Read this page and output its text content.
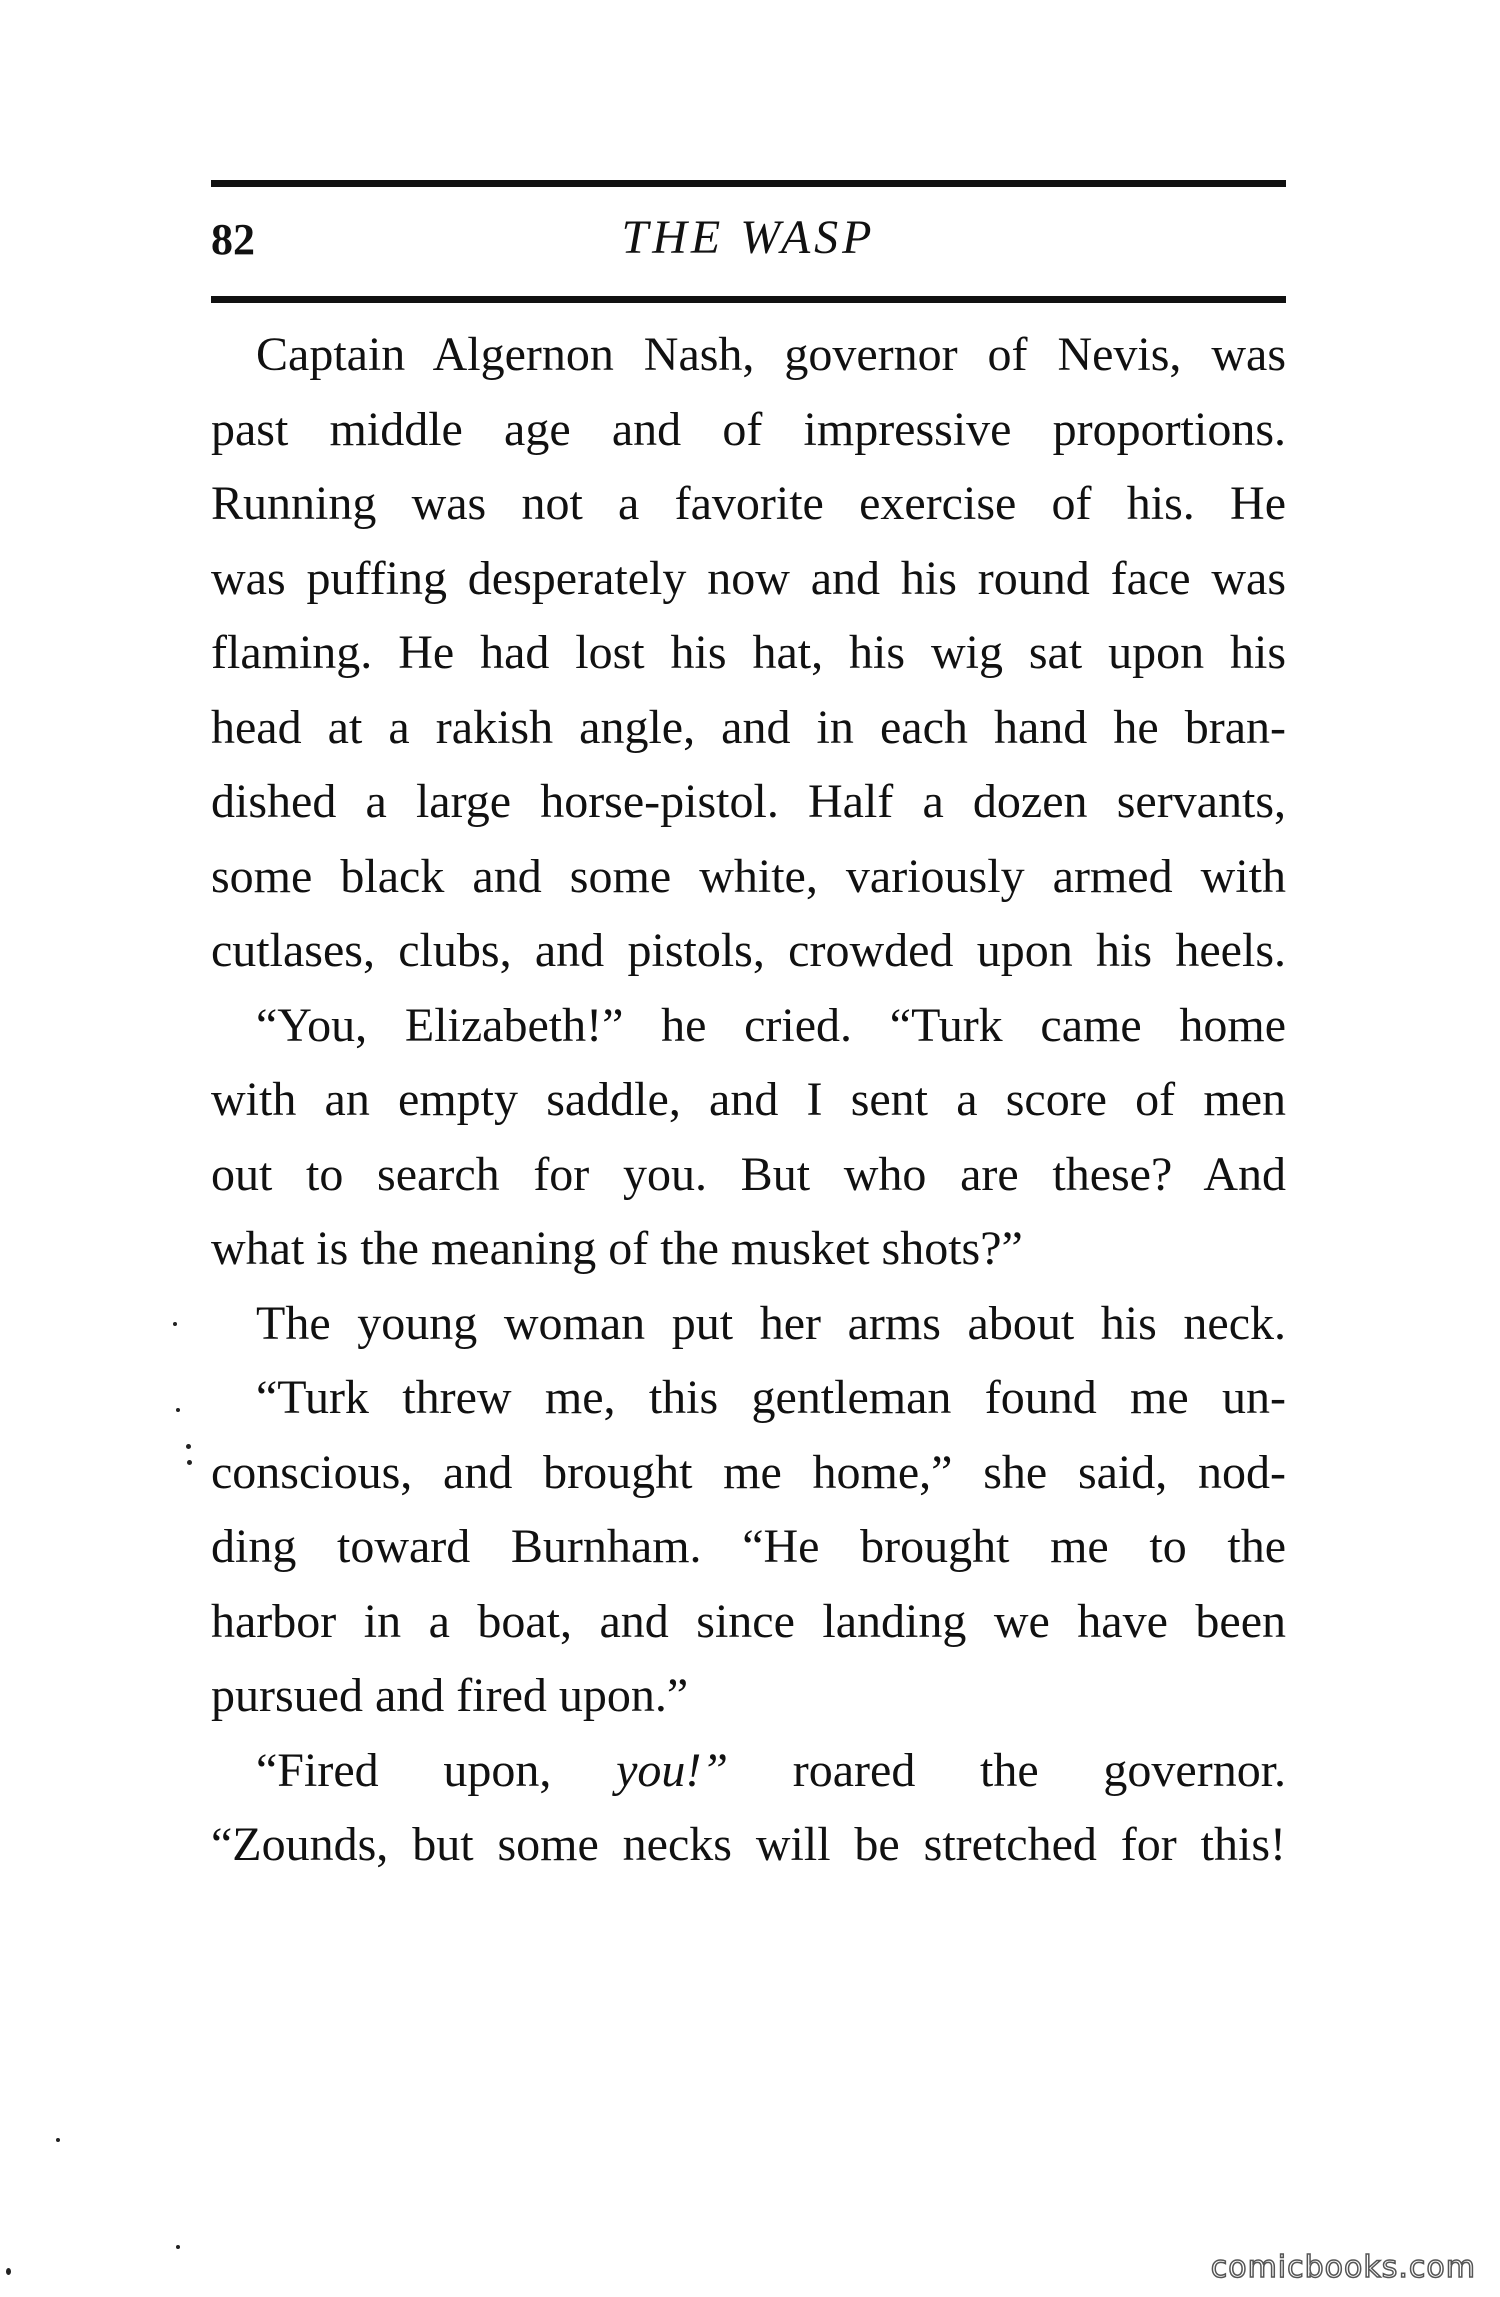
82	THE WASP
Captain Algernon Nash, governor of Nevis, was
past middle age and of impressive proportions.
Running was not a favorite exercise of his. He
was puffing desperately now and his round face was
flaming. He had lost his hat, his wig sat upon his
head at a rakish angle, and in each hand he bran-
dished a large horse-pistol. Half a dozen servants,
some black and some white, variously armed with
cutlases, clubs, and pistols, crowded upon his heels.
“You, Elizabeth!” he cried. “Turk came home
with an empty saddle, and I sent a score of men
out to search for you. But who are these? And
what is the meaning of the musket shots?”
The young woman put her arms about his neck.
“Turk threw me, this gentleman found me un-
conscious, and brought me home,” she said, nod-
ding toward Burnham. “He brought me to the
harbor in a boat, and since landing we have been
pursued and fired upon.”
“Fired upon, you!” roared the governor.
“Zounds, but some necks will be stretched for this!
comicbooks.com
